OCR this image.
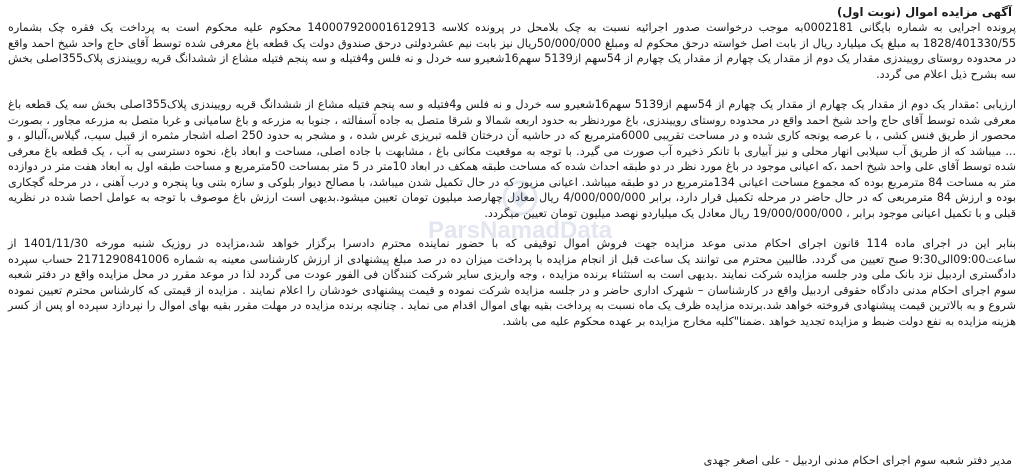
آگهی مزایده اموال (نوبت اول)

پرونده اجرایی به شماره بایگانی 0002181به موجب درخواست صدور اجرائیه نسبت به چک بلامحل در پرونده کلاسه 140007920001612913 محکوم علیه محکوم است به پرداخت یک فقره چک بشماره 1828/401330/55 به مبلغ یک میلیارد ریال از بابت اصل خواسته درحق محکوم له ومبلغ 50/000/000ریال نیز بابت نیم عشردولتی درحق صندوق دولت یک قطعه باغ معرفی شده توسط آقای حاج واحد شیخ احمد واقع در محدوده روستای روییندزی مقدار یک دوم از مقدار یک چهارم از مقدار یک چهارم از 54سهم از5139 سهم16شعیرو سه خردل و نه فلس و4فتیله و سه پنجم فتیله مشاع از ششدانگ قریه روییندزی پلاک355اصلی بخش سه بشرح ذیل اعلام می گردد.

ارزیابی :مقدار یک دوم از مقدار یک چهارم از مقدار یک چهارم از 54سهم از5139 سهم16شعیرو سه خردل و نه فلس و4فتیله و سه پنجم فتیله مشاع از ششدانگ قریه روییندزی پلاک355اصلی بخش سه یک قطعه باغ معرفی شده توسط آقای حاج واحد شیخ احمد واقع در محدوده روستای روییندزی، باغ موردنظر به حدود اربعه شمالا و شرقا متصل به جاده آسفالته ، جنوبا به مزرعه و باغ سامیانی و غربا متصل به مزرعه مجاور ، بصورت محصور از طریق فنس کشی ، با عرصه یونجه کاری شده و در مساحت تقریبی 6000مترمربع که در حاشیه آن درختان قلمه تبریزی غرس شده ، و مشجر به حدود 250 اصله اشجار مثمره از قبیل سیب، گیلاس،آلبالو ، و ... میباشد که از طریق آب سیلابی انهار محلی و نیز آبیاری با تانکر ذخیره آب صورت می گیرد. با توجه به موقعیت مکانی باغ ، مشابهت با جاده اصلی، مساحت و ابعاد باغ، نحوه دسترسی به آب ، یک قطعه باغ معرفی شده توسط آقای علی واحد شیخ احمد ،که اعیانی موجود در باغ مورد نظر در دو طبقه احداث شده که مساحت طبقه همکف در ابعاد 10متر در 5 متر بمساحت 50مترمربع و مساحت طبقه اول به ابعاد هفت متر در دوازده متر به مساحت 84 مترمربع بوده که مجموع مساحت اعیانی 134مترمربع در دو طبقه میباشد. اعیانی مزبور که در حال تکمیل شدن میباشد، با مصالح دیوار بلوکی و سازه بتنی ویا پنجره و درب آهنی ، در مرحله گچکاری بوده و ارزش 84 مترمربعی که در حال حاضر در مرحله تکمیل قرار دارد، برابر 4/000/000/000 ریال معادل چهارصد میلیون تومان تعیین میشود.بدیهی است ارزش باغ موصوف با توجه به عوامل احصا شده در نظریه قبلی و با تکمیل اعیانی موجود برابر ، 19/000/000/000 ریال معادل یک میلیاردو نهصد میلیون تومان تعیین میگردد.

بنابر این در اجرای ماده 114 قانون اجرای احکام مدنی موعد مزایده جهت فروش اموال توقیفی که با حضور نماینده محترم دادسرا برگزار خواهد شد،مزایده در روزیک شنبه مورخه 1401/11/30 از ساعت09:00الی9:30 صبح تعیین می گردد. طالبین محترم می توانند یک ساعت قبل از انجام مزایده با پرداخت میزان ده در صد مبلغ پیشنهادی از ارزش کارشناسی معینه به شماره 2171290841006 حساب سپرده دادگستری اردبیل نزد بانک ملی ودر جلسه مزایده شرکت نمایند .بدیهی است به استثناء برنده مزایده ، وجه واریزی سایر شرکت کنندگان فی الفور عودت می گردد لذا در موعد مقرر در محل مزایده واقع در دفتر شعبه سوم اجرای احکام مدنی دادگاه حقوقی اردبیل واقع در کارشناسان – شهرک اداری حاضر و در جلسه مزایده شرکت نموده و قیمت پیشنهادی خودشان را اعلام نمایند . مزایده از قیمتی که کارشناس محترم تعیین نموده شروع و به بالاترین قیمت پیشنهادی فروخته خواهد شد.برنده مزایده ظرف یک ماه نسبت به پرداخت بقیه بهای اموال اقدام می نماید . چنانچه برنده مزایده در مهلت مقرر بقیه بهای اموال را نپردازد سپرده او پس از کسر هزینه مزایده به نفع دولت ضبط و مزایده تجدید خواهد .ضمنا"کلیه مخارج مزایده بر عهده محکوم علیه می باشد.

ParsNamadData
مدیر دفتر شعبه سوم اجرای احکام مدنی اردبیل - علی اصغر جهدی
